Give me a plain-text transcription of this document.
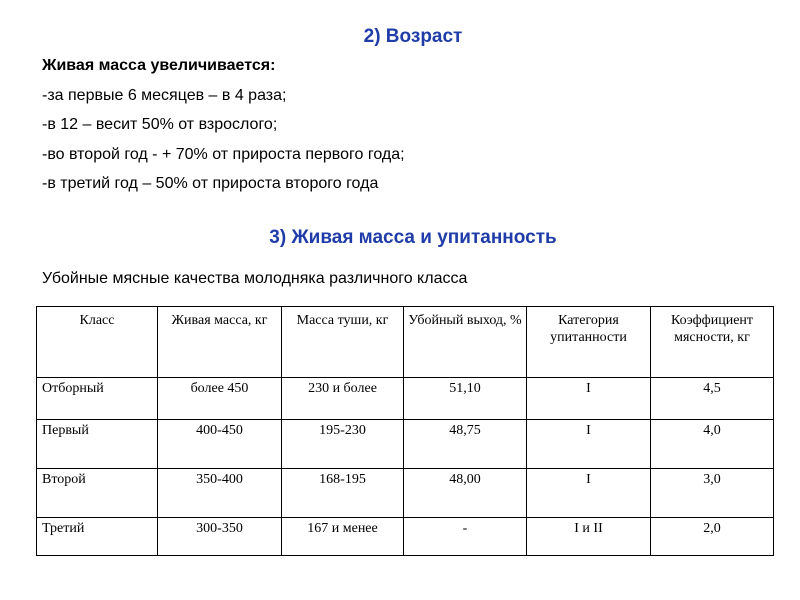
2) Возраст
Живая масса увеличивается:
-за первые 6 месяцев – в 4 раза;
-в 12 – весит 50% от взрослого;
-во второй год - + 70% от прироста первого года;
-в третий год – 50% от прироста второго года
3) Живая масса и упитанность
Убойные мясные качества молодняка различного класса
Класс	Живая масса, кг	Масса туши, кг	Убойный выход, %	Категория упитанности	Коэффициент мясности, кг
Отборный	более 450	230 и более	51,10	I	4,5
Первый	400-450	195-230	48,75	I	4,0
Второй	350-400	168-195	48,00	I	3,0
Третий	300-350	167 и менее	-	I и II	2,0
